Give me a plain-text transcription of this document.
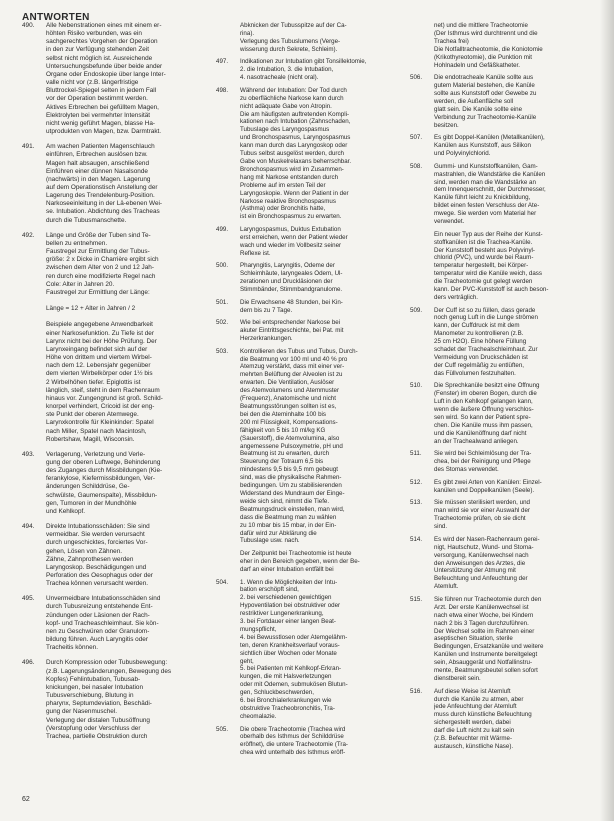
ANTWORTEN
490. Alle Nebenstrationen eines mit einem er-
höhten Risiko verbunden, was ein
sachgerechtes Vorgehen der Operation
in den zur Verfügung stehenden Zeit
selbst nicht möglich ist. Ausreichende
Untersuchungsbefunde über beide ander
Organe oder Endoskopie über lange Inter-
valle nicht vor (z.B. längerfristige
Bluttrockel-Spiegel selten in jedem Fall
vor der Operation bestimmt werden.
Aktives Erbrechen bei gefülltem Magen,
Elektrolyten bei vermehrter Intensität
nicht wenig geführt Magen, blasse Ha-
utprodukten von Magen, bzw. Darmtrakt.
491. Am wachen Patienten Magenschlauch
einführen, Erbrechen auslösen bzw.
Magen halt absaugen, anschließend
Einführen einer dünnen Nasalsonde
(nachwärts) in den Magen. Lagerung
auf dem Operationstisch Anstellung der
Lagerung des Trendelenburg-Position.
Narkoseeinleitung in der Lä-ebenen Wei-
se. Intubation. Abdichtung des Tracheas
durch die Tubusmanschette.
492. Länge und Größe der Tuben sind Te-
bellen zu entnehmen.
Faustregel zur Ermittlung der Tubus-
größe: 2 x Dicke in Charrière ergibt sich
zwischen dem Alter von 2 und 12 Jah-
ren durch eine modifizierte Regel nach
Cole: Alter in Jahren 20.
Faustregel zur Ermittlung der Länge:

Länge = 12 + Alter in Jahren / 2

Beispiele angegebene Anwendbarkeit
einer Narkosefunktion. Zu Tiefe ist der
Larynx nicht bei der Höhe Prüfung. Der
Larynxeingang befindet sich auf der
Höhe von drittem und viertem Wirbel-
nach dem 12. Lebensjahr gegenüber
dem vierten Wirbelkörper oder 1½ bis
2 Wirbelhöhen tiefer. Epiglottis ist
länglich, steif, steht in dem Rachenraum
hinaus vor. Zungengrund ist groß. Schild-
knorpel verhindert, Cricoid ist der eng-
ste Punkt der oberen Atemwege.
Larynxkontrolle für Kleinkinder: Spatel
nach Miller, Spatel nach Macintosh,
Robertshaw, Magill, Wisconsin.
493. Verlagerung, Verletzung und Verle-
gung der oberen Luftwege, Behinderung
des Zuganges durch Missbildungen (Kie-
ferankylose, Kiefermissbildungen, Ver-
änderungen Schilddrüse, Ge-
schwülste, Gaumenspalte), Missbildun-
gen, Tumoren in der Mundhöhle
und Kehlkopf.
494. Direkte Intubationsschäden: Sie sind
vermeidbar. Sie werden verursacht
durch ungeschicktes, forciertes Vor-
gehen, Lösen von Zähnen.
Zähne, Zahnprothesen werden
Laryngoskop. Beschädigungen und
Perforation des Oesophagus oder der
Trachea können verursacht werden.
495. Unvermeidbare Intubationsschäden sind
durch Tubusreizung entstehende Ent-
zündungen oder Läsionen der Rach-
kopf- und Tracheaschleimhaut. Sie kön-
nen zu Geschwüren oder Granulom-
bildung führen. Auch Laryngitis oder
Tracheitis können.
496. Durch Kompression oder Tubusbewegung:
(z.B. Lagerungsänderungen, Bewegung des
Kopfes) Fehlintubation, Tubusab-
knickungen, bei nasaler Intubation
Tubusverschiebung, Blutung in
pharynx, Septumdeviation, Beschädi-
gung der Nasenmuschel.
Verlegung der distalen Tubusöffnung
(Verstopfung oder Verschluss der
Trachea, partielle Obstruktion durch
Abknicken der Tubusspitze auf der Ca-
rina).
Verlegung des Tubuslumens (Verge-
wisserung durch Sekrete, Schleim).
497. Indikationen zur Intubation gibt Tonsillektomie,
2. die Intubation, 3. die Intubation,
4. nasotracheale (nicht oral).
498. Während der Intubation: Der Tod durch
zu oberflächliche Narkose kann durch
nicht adäquate Gabe von Atropin.
Die am häufigsten auftretenden Kompli-
kationen nach Intubation (Zahnschaden,
Tubuslage des Laryngospasmus
und Bronchospasmus, Laryngospasmus
kann man durch das Laryngoskop oder
Tubus selbst ausgelöst werden, durch
Gabe von Muskelrelaxans beherrschbar.
Bronchospasmus wird im Zusammen-
hang mit Narkose entstanden durch
Probleme auf im ersten Teil der
Laryngoskopie. Wenn der Patient in der
Narkose reaktive Bronchospasmus
(Asthma) oder Bronchitis hatte,
ist ein Bronchospasmus zu erwarten.
499. Laryngospasmus, Duktus Extubation
erst erreichen, wenn der Patient wieder
wach und wieder im Vollbesitz seiner
Reflexe ist.
500. Pharyngitis, Laryngitis, Ödeme der
Schleimhäute, laryngeales Ödem, Ul-
zerationen und Druckläsionen der
Stimmbänder, Stimmbandgranulome.
501. Die Erwachsene 48 Stunden, bei Kin-
dern bis zu 7 Tage.
502. Wie bei entsprechender Narkose bei
akuter Eintrittsgeschichte, bei Pat. mit
Herzerkrankungen.
503. Kontrollieren des Tubus und Tubus, Durch-
die Beatmung vor 100 ml und 40 % pro
Atemzug verstärkt, dass mit einer ver-
mehrten Belüftung der Alveolen ist zu
erwarten. Die Ventilation, Auslöser
des Atemvolumens und Atemmuster
(Frequenz), Anatomische und nicht
Beatmungsstörungen sollten ist es,
bei den die Ateminhalte 100 bis
200 ml Flüssigkeit, Kompensations-
fähigkeit von 5 bis 10 ml/kg KG
(Sauerstoff), die Atemvolumina, also
angemessene Pulsoxymetrie, pH und
Beatmung ist zu erwarten, durch
Steuerung der Totraum 6,5 bis
mindestens 9,5 bis 9,5 mm gebeugt
sind, was die physikalische Rahmen-
bedingungen. Um zu stabilisierenden
Widerstand des Mundraum der Einge-
weide sich sind, nimmt die Tiefe.
Beatmungsdruck einstellen, man wird,
dass die Beatmung man zu wählen
zu 10 mbar bis 15 mbar, in der Ein-
dafür wird zur Abklärung die
Tubuslage usw. nach.
Der Zeitpunkt bei Tracheotomie ist heute
eher in den Bereich gegeben, wenn der Be-
darf an einer Intubation entfällt bei
504. 1. Wenn die Möglichkeiten der Intu-
bation erschöpft sind,
2. bei verschiedenen gewichtigen
Hypoventilation bei obstruktiver oder
restriktiver Lungenerkrankung,
3. bei Fortdauer einer langen Beat-
mungspflicht,
4. bei Bewusstlosen oder Atemgelähm-
ten, deren Krankheitsverlauf voraus-
sichtlich über Wochen oder Monate
geht,
5. bei Patienten mit Kehlkopf-Erkran-
kungen, die mit Halsverletzungen
oder mit Ödemen, submukösen Blutun-
gen, Schluckbeschwerden,
6. bei Bronchialerkrankungen wie
obstruktive Tracheobronchitis, Tra-
cheomalazie.
505. Die obere Tracheotomie (Trachea wird
oberhalb des Isthmus der Schilddrüse
eröffnet), die untere Tracheotomie (Tra-
chea wird unterhalb des Isthmus eröff-
net) und die mittlere Tracheotomie
(Der Isthmus wird durchtrennt und die
Trachea frei)
Die Notfalltracheotomie, die Koniotomie
(Krikothyreotomie), die Punktion mit
Hohlnadeln und Gefäßkatheter.
506. Die endotracheale Kanüle sollte aus
gutem Material bestehen, die Kanüle
sollte aus Kunststoff oder Gewebe zu
werden, die Außenfläche soll
glatt sein. Die Kanüle sollte eine
Verbindung zur Tracheotomie-Kanüle
besitzen.
507. Es gibt Doppel-Kanülen (Metallkanülen),
Kanülen aus Kunststoff, aus Silikon
und Polyvinylchlorid.
508. Gummi- und Kunststoffkanülen, Gam-
mastrahlen, die Wandstärke die Kanülen
sind, werden man die Wandstärke an
dem Innenquerschnitt, der Durchmesser,
Kanüle führt leicht zu Knickbildung,
bildet einen festen Verschluss der Ate-
mwege. Sie werden vom Material her
verwendet.
Ein neuer Typ aus der Reihe der Kunst-
stoffkanülen ist die Trachea-Kanüle.
Der Kunststoff besteht aus Polyvinyl-
chlorid (PVC), und wurde bei Raum-
temperatur hergestellt, bei Körper-
temperatur wird die Kanüle weich, dass
die Tracheotomie gut gelegt werden
kann. Der PVC-Kunststoff ist auch beson-
ders verträglich.
509. Der Cuff ist so zu füllen, dass gerade
noch genug Luft in die Lunge strömen
kann, der Cuffdruck ist mit dem
Manometer zu kontrollieren (z.B.
25 cm H2O). Eine höhere Füllung
schadet der Trachealschleimhaut. Zur
Vermeidung von Druckschäden ist
der Cuff regelmäßig zu entlüften,
das Füllvolumen festzuhalten.
510. Die Sprechkanüle besitzt eine Öffnung
(Fenster) im oberen Bogen, durch die
Luft in den Kehlkopf gelangen kann,
wenn die äußere Öffnung verschlos-
sen wird. So kann der Patient spre-
chen. Die Kanüle muss ihm passen,
und die Kanülenöffnung darf nicht
an der Trachealwand anliegen.
511. Sie wird bei Schleimlösung der Tra-
chea, bei der Reinigung und Pflege
des Stomas verwendet.
512. Es gibt zwei Arten von Kanülen: Einzel-
kanülen und Doppelkanülen (Seele).
513. Sie müssen sterilisiert werden, und
man wird sie vor einer Auswahl der
Tracheotomie prüfen, ob sie dicht
sind.
514. Es wird der Nasen-Rachenraum gerei-
nigt, Hautschutz, Wund- und Stoma-
versorgung, Kanülenwechsel nach
den Anweisungen des Arztes, die
Unterstützung der Atmung mit
Befeuchtung und Anfeuchtung der
Atemluft.
515. Sie führen nur Tracheotomie durch den
Arzt. Der erste Kanülenwechsel ist
nach etwa einer Woche, bei Kindern
nach 2 bis 3 Tagen durchzuführen.
Der Wechsel sollte im Rahmen einer
aseptischen Situation, sterile
Bedingungen, Ersatzkanüle und weitere
Kanülen und Instrumente bereitgelegt
sein, Absauggerät und Notfallinstru-
mente, Beatmungsbeutel sollen sofort
dienstbereit sein.
516. Auf diese Weise ist Atemluft
durch die Kanüle zu atmen, aber
jede Anfeuchtung der Atemluft
muss durch künstliche Befeuchtung
sichergestellt werden, dabei
darf die Luft nicht zu kalt sein
(z.B. Befeuchter mit Wärme-
austausch, künstliche Nase).
62
